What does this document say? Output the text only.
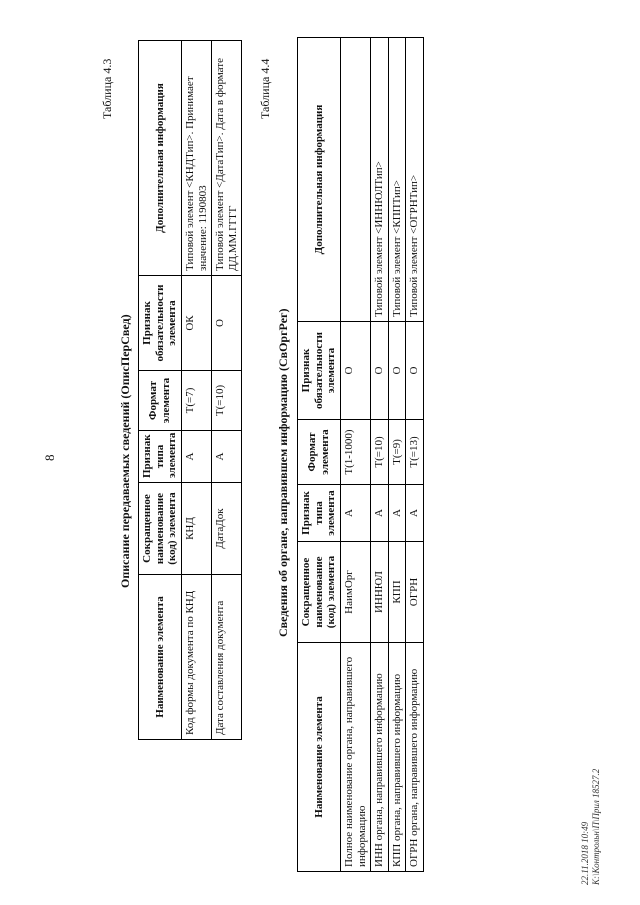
8
Таблица 4.3
Описание передаваемых сведений (ОписПерСвед)
Наименование элемента	Сокращенное наименование (код) элемента	Признак типа элемента	Формат элемента	Признак обязательности элемента	Дополнительная информация
Код формы документа по КНД	КНД	А	T(=7)	ОК	Типовой элемент <КНДТип>. Принимает значение: 1190803
Дата составления документа	ДатаДок	А	T(=10)	О	Типовой элемент <ДатаТип>. Дата в формате ДД.ММ.ГГГГ
Таблица 4.4
Сведения об органе, направившем информацию (СвОргРег)
Наименование элемента	Сокращенное наименование (код) элемента	Признак типа элемента	Формат элемента	Признак обязательности элемента	Дополнительная информация
Полное наименование органа, направившего информацию	НаимОрг	А	T(1-1000)	О	
ИНН органа, направившего информацию	ИННЮЛ	А	T(=10)	О	Типовой элемент <ИННЮЛТип>
КПП органа, направившего информацию	КПП	А	T(=9)	О	Типовой элемент <КППТип>
ОГРН органа, направившего информацию	ОГРН	А	T(=13)	О	Типовой элемент <ОГРНТип>
22.11.2018 10:49 К:\Контрольн\П\Прил 18527.2
